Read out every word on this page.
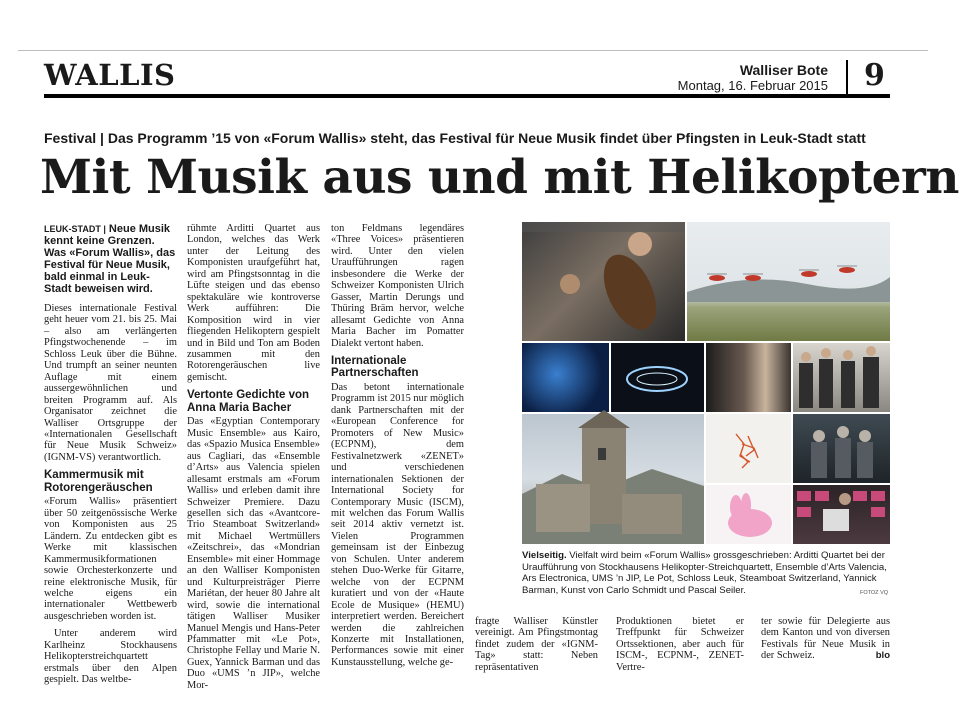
WALLIS	Walliser Bote
Montag, 16. Februar 2015 9
Festival | Das Programm ’15 von «Forum Wallis» steht, das Festival für Neue Musik findet über Pfingsten in Leuk-Stadt statt
Mit Musik aus und mit Helikoptern

LEUK-STADT | Neue Musik kennt keine Grenzen. Was «Forum Wallis», das Festival für Neue Musik, bald einmal in Leuk-Stadt beweisen wird.

Dieses internationale Festival geht heuer vom 21. bis 25. Mai – also am verlängerten Pfingstwochenende – im Schloss Leuk über die Bühne. Und trumpft an seiner neunten Auflage mit einem aussergewöhnlichen und breiten Programm auf. Als Organisator zeichnet die Walliser Ortsgruppe der «Internationalen Gesellschaft für Neue Musik Schweiz» (IGNM-VS) verantwortlich.

Kammermusik mit Rotorengeräuschen

«Forum Wallis» präsentiert über 50 zeitgenössische Werke von Komponisten aus 25 Ländern. Zu entdecken gibt es Werke mit klassischen Kammermusikformationen sowie Orchesterkonzerte und reine elektronische Musik, für welche eigens ein internationaler Wettbewerb ausgeschrieben worden ist.

Unter anderem wird Karlheinz Stockhausens Helikopterstreichquartett erstmals über den Alpen gespielt. Das weltbe-

rühmte Arditti Quartet aus London, welches das Werk unter der Leitung des Komponisten uraufgeführt hat, wird am Pfingstsonntag in die Lüfte steigen und das ebenso spektakuläre wie kontroverse Werk aufführen: Die Komposition wird in vier fliegenden Helikoptern gespielt und in Bild und Ton am Boden zusammen mit den Rotorengeräuschen live gemischt.

Vertonte Gedichte von Anna Maria Bacher

Das «Egyptian Contemporary Music Ensemble» aus Kairo, das «Spazio Musica Ensemble» aus Cagliari, das «Ensemble d’Arts» aus Valencia spielen allesamt erstmals am «Forum Wallis» und erleben damit ihre Schweizer Premiere. Dazu gesellen sich das «Avantcore-Trio Steamboat Switzerland» mit Michael Wertmüllers «Zeitschrei», das «Mondrian Ensemble» mit einer Hommage an den Walliser Komponisten und Kulturpreisträger Pierre Mariétan, der heuer 80 Jahre alt wird, sowie die international tätigen Walliser Musiker Manuel Mengis und Hans-Peter Pfammatter mit «Le Pot», Christophe Fellay und Marie N. Guex, Yannick Barman und das Duo «UMS ’n JIP», welche Mor-

ton Feldmans legendäres «Three Voices» präsentieren wird. Unter den vielen Uraufführungen ragen insbesondere die Werke der Schweizer Komponisten Ulrich Gasser, Martin Derungs und Thüring Bräm hervor, welche allesamt Gedichte von Anna Maria Bacher im Pomatter Dialekt vertont haben.

Internationale Partnerschaften

Das betont internationale Programm ist 2015 nur möglich dank Partnerschaften mit der «European Conference for Promoters of New Music» (ECPNM), dem Festivalnetzwerk «ZENET» und verschiedenen internationalen Sektionen der International Society for Contemporary Music (ISCM), mit welchen das Forum Wallis seit 2014 aktiv vernetzt ist. Vielen Programmen gemeinsam ist der Einbezug von Schulen. Unter anderem stehen Duo-Werke für Gitarre, welche von der ECPNM kuratiert und von der «Haute Ecole de Musique» (HEMU) interpretiert werden. Bereichert werden die zahlreichen Konzerte mit Installationen, Performances sowie mit einer Kunstausstellung, welche ge-

Vielseitig. Vielfalt wird beim «Forum Wallis» grossgeschrieben: Arditti Quartet bei der Uraufführung von Stockhausens Helikopter-Streichquartett, Ensemble d’Arts Valencia, Ars Electronica, UMS ’n JIP, Le Pot, Schloss Leuk, Steamboat Switzerland, Yannick Barman, Kunst von Carlo Schmidt und Pascal Seiler.	FOTOZ VQ
fragte Walliser Künstler vereinigt. Am Pfingstmontag findet zudem der «IGNM-Tag» statt: Neben repräsentativen
Produktionen bietet er Treffpunkt für Schweizer Ortssektionen, aber auch für ISCM-, ECPNM-, ZENET-Vertre-
ter sowie für Delegierte aus dem Kanton und von diversen Festivals für Neue Musik in der Schweiz.	blo
